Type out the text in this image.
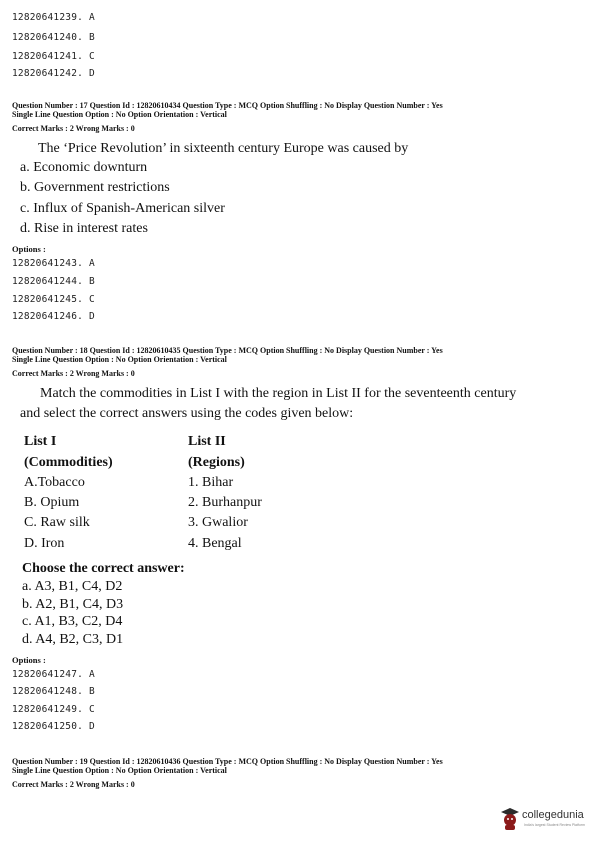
12820641239. A
12820641240. B
12820641241. C
12820641242. D
Question Number : 17 Question Id : 12820610434 Question Type : MCQ Option Shuffling : No Display Question Number : Yes
Single Line Question Option : No Option Orientation : Vertical
Correct Marks : 2 Wrong Marks : 0
The ‘Price Revolution’ in sixteenth century Europe was caused by
a. Economic downturn
b. Government restrictions
c. Influx of Spanish-American silver
d. Rise in interest rates
Options :
12820641243. A
12820641244. B
12820641245. C
12820641246. D
Question Number : 18 Question Id : 12820610435 Question Type : MCQ Option Shuffling : No Display Question Number : Yes
Single Line Question Option : No Option Orientation : Vertical
Correct Marks : 2 Wrong Marks : 0
Match the commodities in List I with the region in List II for the seventeenth century
and select the correct answers using the codes given below:
List I
(Commodities)
A.Tobacco
B. Opium
C. Raw silk
D. Iron
List II
(Regions)
1. Bihar
2. Burhanpur
3. Gwalior
4. Bengal
Choose the correct answer:
a. A3, B1, C4, D2
b. A2, B1, C4, D3
c. A1, B3, C2, D4
d. A4, B2, C3, D1
Options :
12820641247. A
12820641248. B
12820641249. C
12820641250. D
Question Number : 19 Question Id : 12820610436 Question Type : MCQ Option Shuffling : No Display Question Number : Yes
Single Line Question Option : No Option Orientation : Vertical
Correct Marks : 2 Wrong Marks : 0
collegedunia
India's largest Student Review Platform
